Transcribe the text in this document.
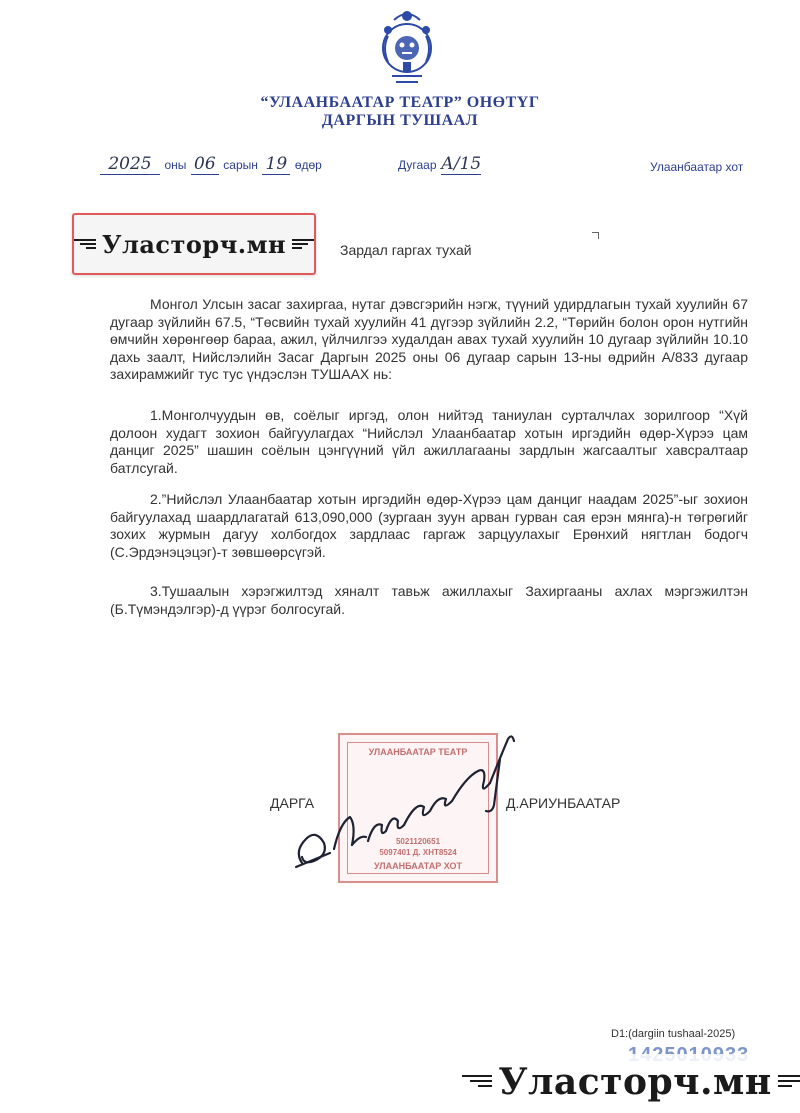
“УЛААНБААТАР ТЕАТР” ОНӨТҮГ
ДАРГЫН ТУШААЛ
2025 оны 06 сарын 19 өдөр	Дугаар А/15	Улаанбаатар хот
Уласторч.мн	Зардал гаргах тухай
Монгол Улсын засаг захиргаа, нутаг дэвсгэрийн нэгж, түүний удирдлагын тухай хуулийн 67 дугаар зүйлийн 67.5, “Төсвийн тухай хуулийн 41 дүгээр зүйлийн 2.2, “Төрийн болон орон нутгийн өмчийн хөрөнгөөр бараа, ажил, үйлчилгээ худалдан авах тухай хуулийн 10 дугаар зүйлийн 10.10 дахь заалт, Нийслэлийн Засаг Даргын 2025 оны 06 дугаар сарын 13-ны өдрийн А/833 дугаар захирамжийг тус тус үндэслэн ТУШААХ нь:
1.Монголчуудын өв, соёлыг иргэд, олон нийтэд таниулан сурталчлах зорилгоор “Хүй долоон худагт зохион байгуулагдах “Нийслэл Улаанбаатар хотын иргэдийн өдөр-Хүрээ цам данциг 2025” шашин соёлын цэнгүүний үйл ажиллагааны зардлын жагсаалтыг хавсралтаар батлсугай.
2.”Нийслэл Улаанбаатар хотын иргэдийн өдөр-Хүрээ цам данциг наадам 2025”-ыг зохион байгуулахад шаардлагатай 613,090,000 (зургаан зуун арван гурван сая ерэн мянга)-н төгрөгийг зохих журмын дагуу холбогдох зардлаас гаргаж зарцуулахыг Ерөнхий нягтлан бодогч (С.Эрдэнэцэцэг)-т зөвшөөрсүгэй.
3.Тушаалын хэрэгжилтэд хяналт тавьж ажиллахыг Захиргааны ахлах мэргэжилтэн (Б.Түмэндэлгэр)-д үүрэг болгосугай.
УЛААНБААТАР ТЕАТР
5021120651
5097401 Д. ХНТ8524
УЛААНБААТАР ХОТ
ДАРГА	Д.АРИУНБААТАР
D1:(dargiin tushaal-2025)
Уласторч.мн
